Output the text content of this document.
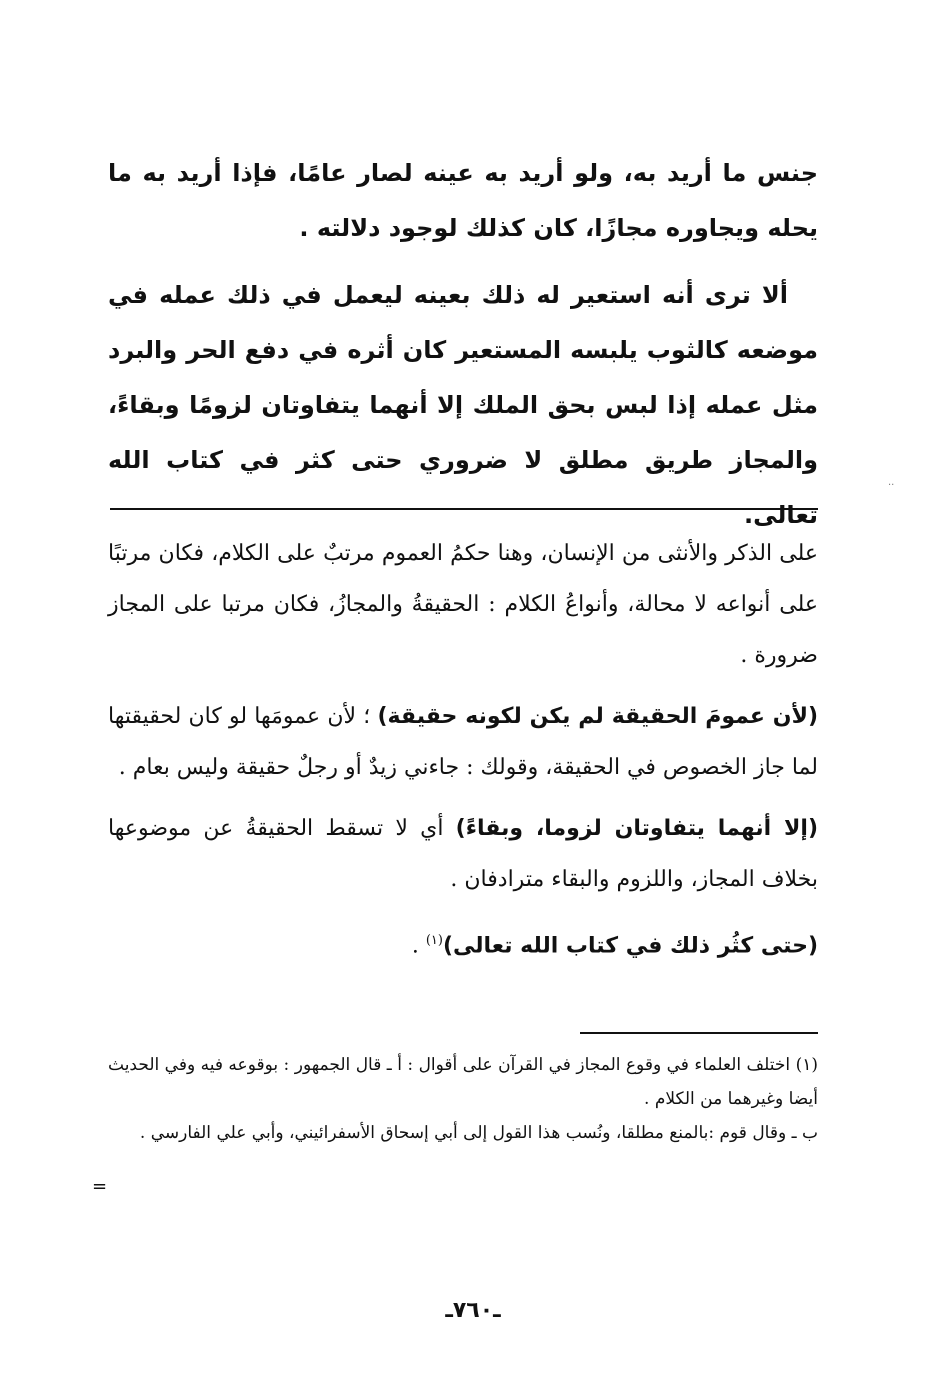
جنس ما أريد به، ولو أريد به عينه لصار عامًا، فإذا أريد به ما يحله ويجاوره مجازًا، كان كذلك لوجود دلالته .

ألا ترى أنه استعير له ذلك بعينه ليعمل في ذلك عمله في موضعه كالثوب يلبسه المستعير كان أثره في دفع الحر والبرد مثل عمله إذا لبس بحق الملك إلا أنهما يتفاوتان لزومًا وبقاءً، والمجاز طريق مطلق لا ضروري حتى كثر في كتاب الله تعالى.

‧‧

على الذكر والأنثى من الإنسان، وهنا حكمُ العموم مرتبٌ على الكلام، فكان مرتبًا على أنواعه لا محالة، وأنواعُ الكلام : الحقيقةُ والمجازُ، فكان مرتبا على المجاز ضرورة .

(لأن عمومَ الحقيقة لم يكن لكونه حقيقة) ؛ لأن عمومَها لو كان لحقيقتها لما جاز الخصوص في الحقيقة، وقولك : جاءني زيدٌ أو رجلٌ حقيقة وليس بعام .

(إلا أنهما يتفاوتان لزوما، وبقاءً) أي لا تسقط الحقيقةُ عن موضوعها بخلاف المجاز، واللزوم والبقاء مترادفان .

(حتى كثُر ذلك في كتاب الله تعالى)$^{(١)}$ .

(١) اختلف العلماء في وقوع المجاز في القرآن على أقوال : أ ـ قال الجمهور : بوقوعه فيه وفي الحديث أيضا وغيرهما من الكلام .

ب ـ وقال قوم :بالمنع مطلقا، ونُسب هذا القول إلى أبي إسحاق الأسفرائيني، وأبي علي الفارسي .

=
ـ٧٦٠ـ
